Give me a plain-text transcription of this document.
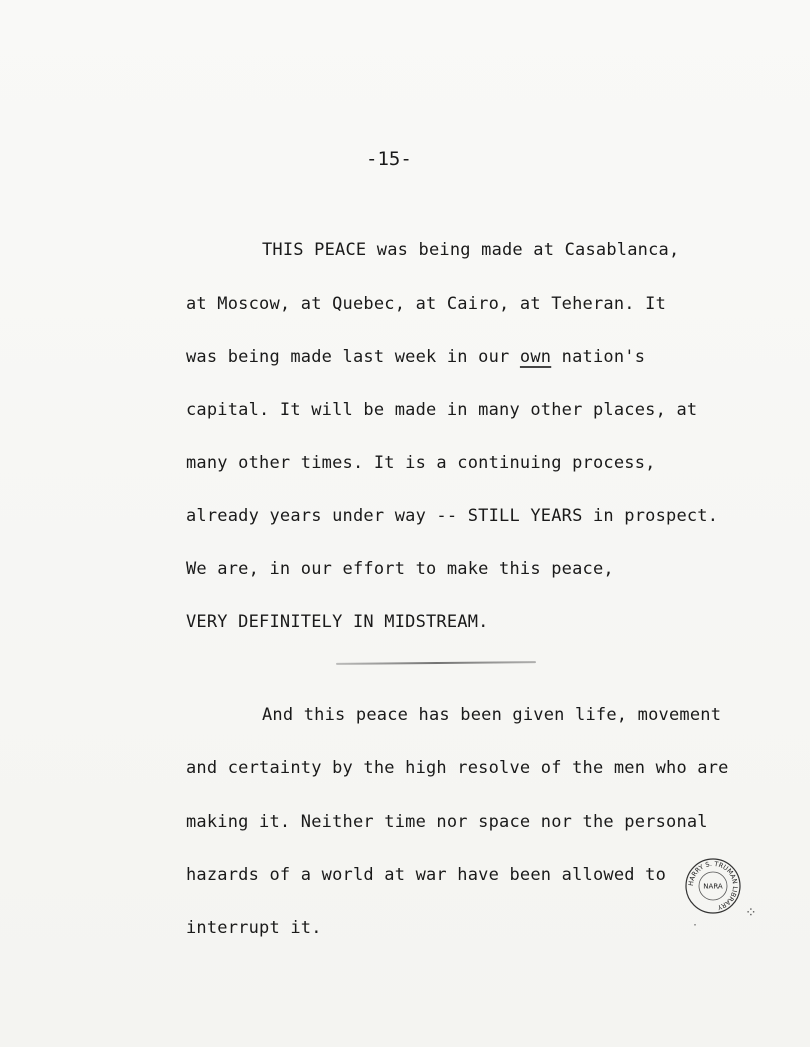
-15-
THIS PEACE was being made at Casablanca,
at Moscow, at Quebec, at Cairo, at Teheran. It
was being made last week in our own nation's
capital. It will be made in many other places, at
many other times. It is a continuing process,
already years under way -- STILL YEARS in prospect.
We are, in our effort to make this peace,
VERY DEFINITELY IN MIDSTREAM.
And this peace has been given life, movement
and certainty by the high resolve of the men who are
making it. Neither time nor space nor the personal
hazards of a world at war have been allowed to
interrupt it.
HARRY S. TRUMAN LIBRARY
NARA
⁘
·
